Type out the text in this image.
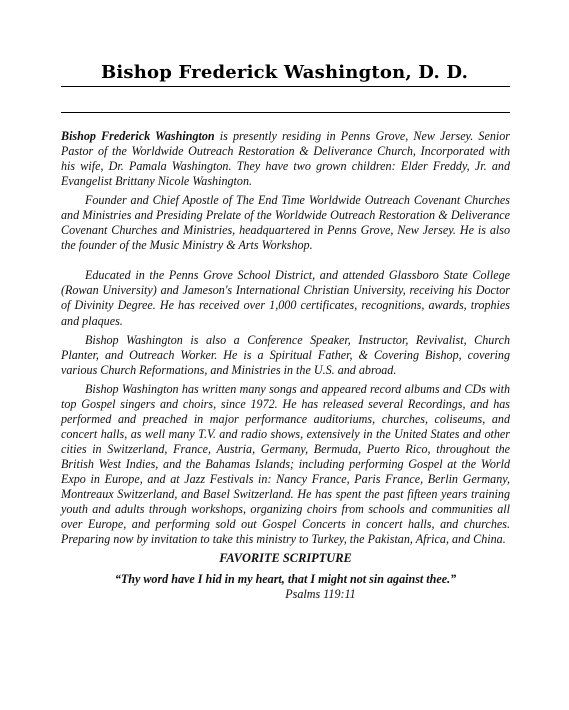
Bishop Frederick Washington, D. D.

Bishop Frederick Washington is presently residing in Penns Grove, New Jersey. Senior Pastor of the Worldwide Outreach Restoration & Deliverance Church, Incorporated with his wife, Dr. Pamala Washington. They have two grown children: Elder Freddy, Jr. and Evangelist Brittany Nicole Washington.

Founder and Chief Apostle of The End Time Worldwide Outreach Covenant Churches and Ministries and Presiding Prelate of the Worldwide Outreach Restoration & Deliverance Covenant Churches and Ministries, headquartered in Penns Grove, New Jersey. He is also the founder of the Music Ministry & Arts Workshop.

Educated in the Penns Grove School District, and attended Glassboro State College (Rowan University) and Jameson's International Christian University, receiving his Doctor of Divinity Degree. He has received over 1,000 certificates, recognitions, awards, trophies and plaques.

Bishop Washington is also a Conference Speaker, Instructor, Revivalist, Church Planter, and Outreach Worker. He is a Spiritual Father, & Covering Bishop, covering various Church Reformations, and Ministries in the U.S. and abroad.

Bishop Washington has written many songs and appeared record albums and CDs with top Gospel singers and choirs, since 1972. He has released several Recordings, and has performed and preached in major performance auditoriums, churches, coliseums, and concert halls, as well many T.V. and radio shows, extensively in the United States and other cities in Switzerland, France, Austria, Germany, Bermuda, Puerto Rico, throughout the British West Indies, and the Bahamas Islands; including performing Gospel at the World Expo in Europe, and at Jazz Festivals in: Nancy France, Paris France, Berlin Germany, Montreaux Switzerland, and Basel Switzerland. He has spent the past fifteen years training youth and adults through workshops, organizing choirs from schools and communities all over Europe, and performing sold out Gospel Concerts in concert halls, and churches. Preparing now by invitation to take this ministry to Turkey, the Pakistan, Africa, and China.

FAVORITE SCRIPTURE
“Thy word have I hid in my heart, that I might not sin against thee.”
Psalms 119:11
